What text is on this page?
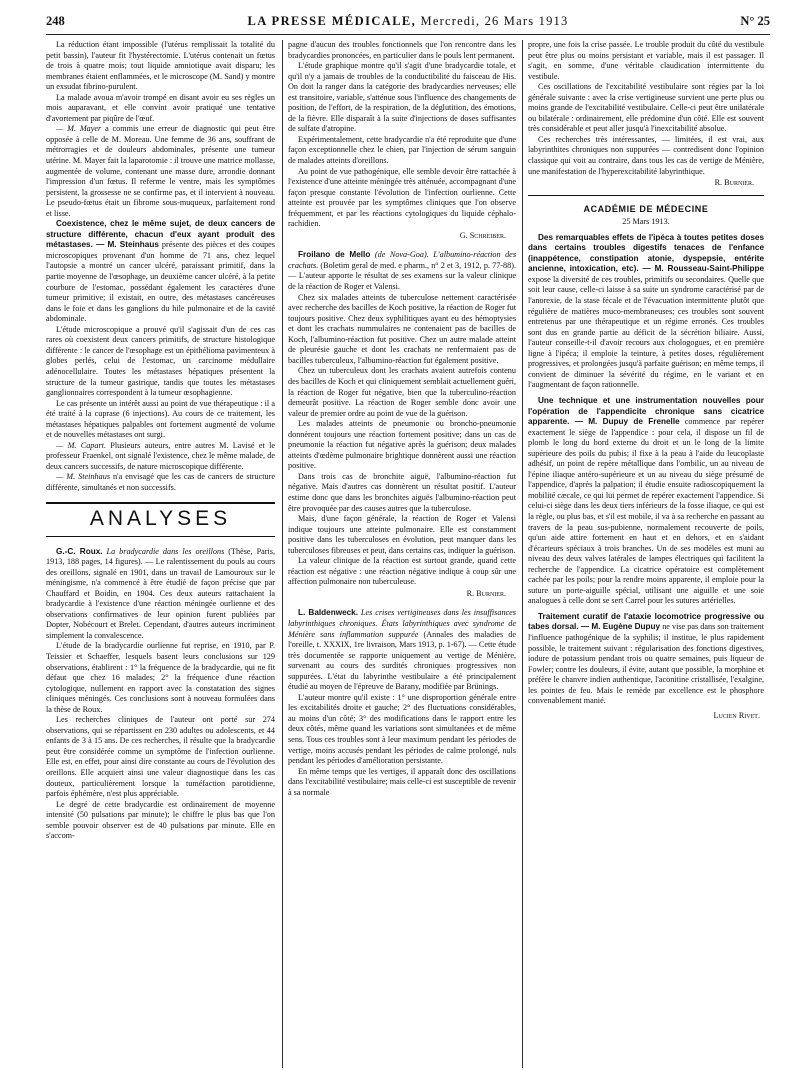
248	LA PRESSE MÉDICALE, Mercredi, 26 Mars 1913	N° 25

La réduction étant impossible (l'utérus remplissait la totalité du petit bassin), l'auteur fit l'hystérectomie. L'utérus contenait un fœtus de trois à quatre mois; tout liquide amniotique avait disparu; les membranes étaient enflammées, et le microscope (M. Sand) y montre un exsudat fibrino-purulent.

La malade avoua m'avoir trompé en disant avoir eu ses règles un mois auparavant, et elle convint avoir pratiqué une tentative d'avortement par piqûre de l'œuf.

— M. Mayer a commis une erreur de diagnostic qui peut être opposée à celle de M. Moreau. Une femme de 36 ans, souffrant de métrorragies et de douleurs abdominales, présente une tumeur utérine. M. Mayer fait la laparotomie : il trouve une matrice mollasse, augmentée de volume, contenant une masse dure, arrondie donnant l'impression d'un fœtus. Il referme le ventre, mais les symptômes persistent, la grossesse ne se confirme pas, et il intervient à nouveau. Le pseudo-fœtus était un fibrome sous-muqueux, parfaitement rond et lisse.

Coexistence, chez le même sujet, de deux cancers de structure différente, chacun d'eux ayant produit des métastases. — M. Steinhaus présente des pièces et des coupes microscopiques provenant d'un homme de 71 ans, chez lequel l'autopsie a montré un cancer ulcéré, paraissant primitif, dans la partie moyenne de l'œsophage, un deuxième cancer ulcéré, à la petite courbure de l'estomac, possédant également les caractères d'une tumeur primitive; il existait, en outre, des métastases cancéreuses dans le foie et dans les ganglions du hile pulmonaire et de la cavité abdominale.

L'étude microscopique a prouvé qu'il s'agissait d'un de ces cas rares où coexistent deux cancers primitifs, de structure histologique différente : le cancer de l'œsophage est un épithélioma pavimenteux à globes perlés, celui de l'estomac, un carcinome médullaire adénocellulaire. Toutes les métastases hépatiques présentent la structure de la tumeur gastrique, tandis que toutes les métastases ganglionnaires correspondent à la tumeur œsophagienne.

Le cas présente un intérêt aussi au point de vue thérapeutique : il a été traité à la cuprase (6 injections). Au cours de ce traitement, les métastases hépatiques palpables ont fortement augmenté de volume et de nouvelles métastases ont surgi.

— M. Capart. Plusieurs auteurs, entre autres M. Lavisé et le professeur Fraenkel, ont signalé l'existence, chez le même malade, de deux cancers successifs, de nature microscopique différente.

— M. Steinhaus n'a envisagé que les cas de cancers de structure différente, simultanés et non successifs.

ANALYSES

G.-C. Roux. La bradycardie dans les oreillons (Thèse, Paris, 1913, 188 pages, 14 figures). — Le ralentissement du pouls au cours des oreillons, signalé en 1901, dans un travail de Lamouroux sur le méningisme, n'a commencé à être étudié de façon précise que par Chauffard et Boidin, en 1904. Ces deux auteurs rattachaient la bradycardie à l'existence d'une réaction méningée ourlienne et des observations confirmatives de leur opinion furent publiées par Dopter, Nobécourt et Brelet. Cependant, d'autres auteurs incriminent simplement la convalescence.

L'étude de la bradycardie ourlienne fut reprise, en 1910, par P. Teissier et Schaeffer, lesquels basent leurs conclusions sur 129 observations, établirent : 1° la fréquence de la bradycardie, qui ne fit défaut que chez 16 malades; 2° la fréquence d'une réaction cytologique, nullement en rapport avec la constatation des signes cliniques méningés. Ces conclusions sont à nouveau formulées dans la thèse de Roux.

Les recherches cliniques de l'auteur ont porté sur 274 observations, qui se répartissent en 230 adultes ou adolescents, et 44 enfants de 3 à 15 ans. De ces recherches, il résulte que la bradycardie peut être considérée comme un symptôme de l'infection ourlienne. Elle est, en effet, pour ainsi dire constante au cours de l'évolution des oreillons. Elle acquiert ainsi une valeur diagnostique dans les cas douteux, particulièrement lorsque la tuméfaction parotidienne, parfois éphémère, n'est plus appréciable.

Le degré de cette bradycardie est ordinairement de moyenne intensité (50 pulsations par minute); le chiffre le plus bas que l'on semble pouvoir observer est de 40 pulsations par minute. Elle en s'accom-

pagne d'aucun des troubles fonctionnels que l'on rencontre dans les bradycardies prononcées, en particulier dans le pouls lent permanent.

L'étude graphique montre qu'il s'agit d'une bradycardie totale, et qu'il n'y a jamais de troubles de la conductibilité du faisceau de His. On doit la ranger dans la catégorie des bradycardies nerveuses; elle est transitoire, variable, s'atténue sous l'influence des changements de position, de l'effort, de la respiration, de la déglutition, des émotions, de la fièvre. Elle disparaît à la suite d'injections de doses suffisantes de sulfate d'atropine.

Expérimentalement, cette bradycardie n'a été reproduite que d'une façon exceptionnelle chez le chien, par l'injection de sérum sanguin de malades atteints d'oreillons.

Au point de vue pathogénique, elle semble devoir être rattachée à l'existence d'une atteinte méningée très atténuée, accompagnant d'une façon presque constante l'évolution de l'infection ourlienne. Cette atteinte est prouvée par les symptômes cliniques que l'on observe fréquemment, et par les réactions cytologiques du liquide céphalo-rachidien.

G. Schreiber.

Froilano de Mello (de Nova-Goa). L'albumino-réaction des crachats. (Boletim geral de med. e pharm., n° 2 et 3, 1912, p. 77-88). — L'auteur apporte le résultat de ses examens sur la valeur clinique de la réaction de Roger et Valensi.

Chez six malades atteints de tuberculose nettement caractérisée avec recherche des bacilles de Koch positive, la réaction de Roger fut toujours positive. Chez deux syphilitiques ayant eu des hémoptysies et dont les crachats nummulaires ne contenaient pas de bacilles de Koch, l'albumino-réaction fut positive. Chez un autre malade atteint de pleurésie gauche et dont les crachats ne renfermaient pas de bacilles tuberculeux, l'albumino-réaction fut également positive.

Chez un tuberculeux dont les crachats avaient autrefois contenu des bacilles de Koch et qui cliniquement semblait actuellement guéri, la réaction de Roger fut négative, bien que la tuberculino-réaction demeurât positive. La réaction de Roger semble donc avoir une valeur de premier ordre au point de vue de la guérison.

Les malades atteints de pneumonie ou broncho-pneumonie donnèrent toujours une réaction fortement positive; dans un cas de pneumonie la réaction fut négative après la guérison; deux malades atteints d'œdème pulmonaire brightique donnèrent aussi une réaction positive.

Dans trois cas de bronchite aiguë, l'albumino-réaction fut négative. Mais d'autres cas donnèrent un résultat positif. L'auteur estime donc que dans les bronchites aiguës l'albumino-réaction peut être provoquée par des causes autres que la tuberculose.

Mais, d'une façon générale, la réaction de Roger et Valensi indique toujours une atteinte pulmonaire. Elle est constamment positive dans les tuberculoses en évolution, peut manquer dans les tuberculoses fibreuses et peut, dans certains cas, indiquer la guérison.

La valeur clinique de la réaction est surtout grande, quand cette réaction est négative : une réaction négative indique à coup sûr une affection pulmonaire non tuberculeuse.

R. Burnier.

L. Baldenweck. Les crises vertigineuses dans les insuffisances labyrinthiques chroniques. États labyrinthiques avec syndrome de Ménière sans inflammation suppurée (Annales des maladies de l'oreille, t. XXXIX, 1re livraison, Mars 1913, p. 1-67). — Cette étude très documentée se rapporte uniquement au vertige de Ménière, survenant au cours des surdités chroniques progressives non suppurées. L'état du labyrinthe vestibulaire a été principalement étudié au moyen de l'épreuve de Barany, modifiée par Brünings.

L'auteur montre qu'il existe : 1° une disproportion générale entre les excitabilités droite et gauche; 2° des fluctuations considérables, au moins d'un côté; 3° des modifications dans le rapport entre les deux côtés, même quand les variations sont simultanées et de même sens. Tous ces troubles sont à leur maximum pendant les périodes de vertige, moins accusés pendant les périodes de calme prolongé, nuls pendant les périodes d'amélioration persistante.

En même temps que les vertiges, il apparaît donc des oscillations dans l'excitabilité vestibulaire; mais celle-ci est susceptible de revenir à sa normale

propre, une fois la crise passée. Le trouble produit du côté du vestibule peut être plus ou moins persistant et variable, mais il est passager. Il s'agit, en somme, d'une véritable claudication intermittente du vestibule.

Ces oscillations de l'excitabilité vestibulaire sont régies par la loi générale suivante : avec la crise vertigineuse survient une perte plus ou moins grande de l'excitabilité vestibulaire. Celle-ci peut être unilatérale ou bilatérale : ordinairement, elle prédomine d'un côté. Elle est souvent très considérable et peut aller jusqu'à l'inexcitabilité absolue.

Ces recherches très intéressantes, — limitées, il est vrai, aux labyrinthites chroniques non suppurées — contredisent donc l'opinion classique qui voit au contraire, dans tous les cas de vertige de Ménière, une manifestation de l'hyperexcitabilité labyrinthique.

R. Burnier.

ACADÉMIE DE MÉDECINE
25 Mars 1913.

Des remarquables effets de l'ipéca à toutes petites doses dans certains troubles digestifs tenaces de l'enfance (inappétence, constipation atonie, dyspepsie, entérite ancienne, intoxication, etc). — M. Rousseau-Saint-Philippe expose la diversité de ces troubles, primitifs ou secondaires. Quelle que soit leur cause, celle-ci laisse à sa suite un syndrome caractérisé par de l'anorexie, de la stase fécale et de l'évacuation intermittente plutôt que régulière de matières muco-membraneuses; ces troubles sont souvent entretenus par une thérapeutique et un régime erronés. Ces troubles sont dus en grande partie au déficit de la sécrétion biliaire. Aussi, l'auteur conseille-t-il d'avoir recours aux chologogues, et en première ligne à l'ipéca; il emploie la teinture, à petites doses, régulièrement progressives, et prolongées jusqu'à parfaite guérison; en même temps, il convient de diminuer la sévérité du régime, en le variant et en l'augmentant de façon rationnelle.

Une technique et une instrumentation nouvelles pour l'opération de l'appendicite chronique sans cicatrice apparente. — M. Dupuy de Frenelle commence par repérer exactement le siège de l'appendice : pour cela, il dispose un fil de plomb le long du bord externe du droit et un le long de la limite supérieure des poils du pubis; il fixe à la peau à l'aide du leucoplaste adhésif, un point de repère métallique dans l'ombilic, un au niveau de l'épine iliaque antéro-supérieure et un au niveau du siège présumé de l'appendice, d'après la palpation; il étudie ensuite radioscopiquement la mobilité cæcale, ce qui lui permet de repérer exactement l'appendice. Si celui-ci siège dans les deux tiers inférieurs de la fosse iliaque, ce qui est la règle, ou plus bas, et s'il est mobile, il va à sa recherche en passant au travers de la peau sus-pubienne, normalement recouverte de poils, qu'un aide attire fortement en haut et en dehors, et en s'aidant d'écarteurs spéciaux à trois branches. Un de ses modèles est muni au niveau des deux valves latérales de lampes électriques qui facilitent la recherche de l'appendice. La cicatrice opératoire est complètement cachée par les poils; pour la rendre moins apparente, il emploie pour la suture un porte-aiguille spécial, utilisant une aiguille et une soie analogues à celle dont se sert Carrel pour les sutures artérielles.

Traitement curatif de l'ataxie locomotrice progressive ou tabes dorsal. — M. Eugène Dupuy ne vise pas dans son traitement l'influence pathogénique de la syphilis; il institue, le plus rapidement possible, le traitement suivant : régularisation des fonctions digestives, iodure de potassium pendant trois ou quatre semaines, puis liqueur de Fowler; contre les douleurs, il évite, autant que possible, la morphine et préfère le chanvre indien authentique, l'aconitine cristallisée, l'exalgine, les pointes de feu. Mais le remède par excellence est le phosphore convenablement manié.

Lucien Rivet.
